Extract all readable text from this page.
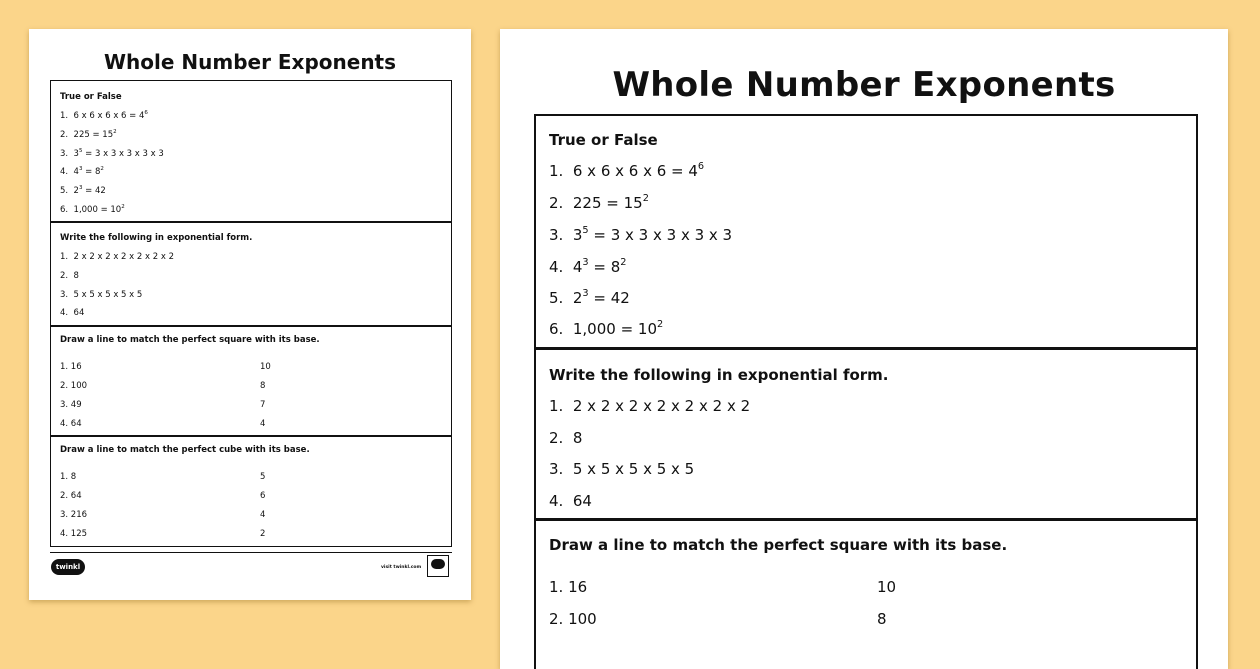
Whole Number Exponents
True or False
1. 6 x 6 x 6 x $6 = 4^6$
2. $225 = 15^2$
3. $3^5 = 3$ x 3 x 3 x 3 x 3
4. $4^3 = 8^2$
5. $2^3 = 42$
6. $1,000 = 10^2$
Write the following in exponential form.
1. 2 x 2 x 2 x 2 x 2 x 2 x 2
2. 8
3. 5 x 5 x 5 x 5 x 5
4. 64
Draw a line to match the perfect square with its base.
1. 16
2. 100
3. 49
4. 64
10
8
7
4
Draw a line to match the perfect cube with its base.
1. 8
2. 64
3. 216
4. 125
5
6
4
2
twinkl	visit twinkl.com
Whole Number Exponents
True or False
1. 6 x 6 x 6 x $6 = 4^6$
2. $225 = 15^2$
3. $3^5 = 3$ x 3 x 3 x 3 x 3
4. $4^3 = 8^2$
5. $2^3 = 42$
6. $1,000 = 10^2$
Write the following in exponential form.
1. 2 x 2 x 2 x 2 x 2 x 2 x 2
2. 8
3. 5 x 5 x 5 x 5 x 5
4. 64
Draw a line to match the perfect square with its base.
1. 16
2. 100
10
8
